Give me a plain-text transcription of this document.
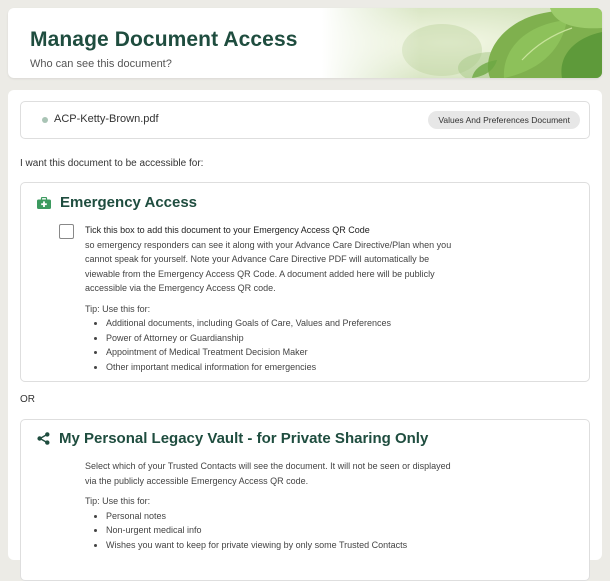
Manage Document Access
Who can see this document?
ACP-Ketty-Brown.pdf	Values And Preferences Document
I want this document to be accessible for:
Emergency Access
Tick this box to add this document to your Emergency Access QR Code
so emergency responders can see it along with your Advance Care Directive/Plan when you cannot speak for yourself. Note your Advance Care Directive PDF will automatically be viewable from the Emergency Access QR Code. A document added here will be publicly accessible via the Emergency Access QR code.
Tip: Use this for:
• Additional documents, including Goals of Care, Values and Preferences
• Power of Attorney or Guardianship
• Appointment of Medical Treatment Decision Maker
• Other important medical information for emergencies
OR
My Personal Legacy Vault - for Private Sharing Only
Select which of your Trusted Contacts will see the document. It will not be seen or displayed via the publicly accessible Emergency Access QR code.
Tip: Use this for:
• Personal notes
• Non-urgent medical info
• Wishes you want to keep for private viewing by only some Trusted Contacts
